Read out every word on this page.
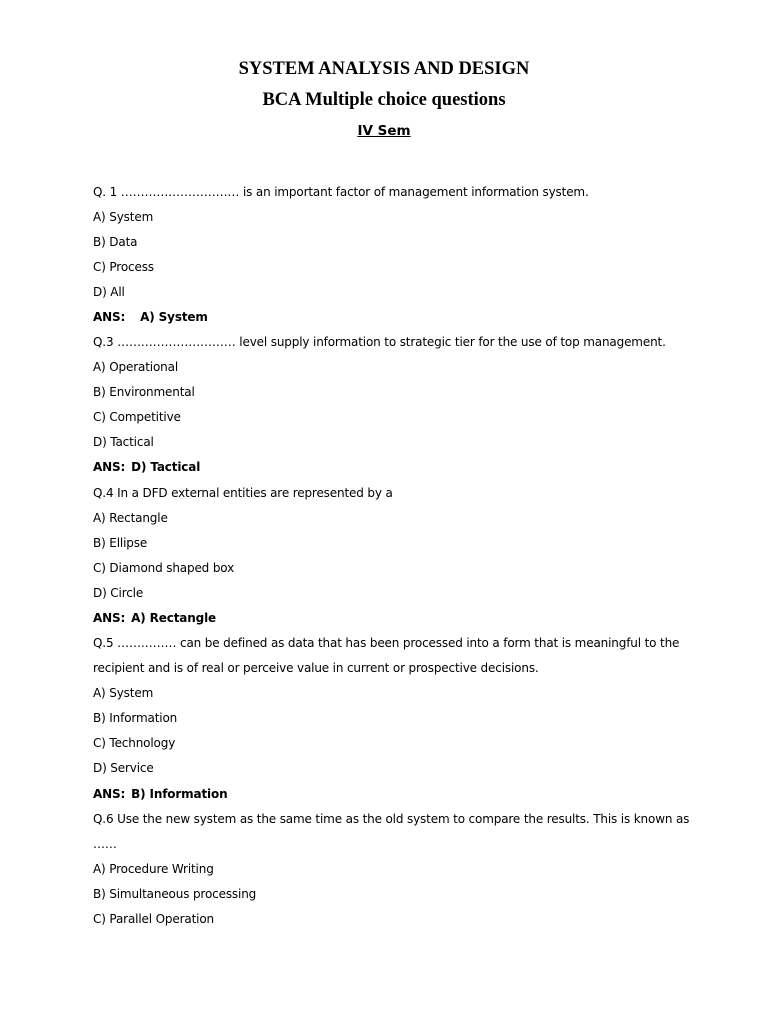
SYSTEM ANALYSIS AND DESIGN
BCA Multiple choice questions
IV Sem
Q. 1 ………………………… is an important factor of management information system.
A) System
B) Data
C) Process
D) All
ANS: A) System
Q.3 ………………………… level supply information to strategic tier for the use of top management.
A) Operational
B) Environmental
C) Competitive
D) Tactical
ANS: D) Tactical
Q.4 In a DFD external entities are represented by a
A) Rectangle
B) Ellipse
C) Diamond shaped box
D) Circle
ANS: A) Rectangle
Q.5 …………… can be defined as data that has been processed into a form that is meaningful to the
recipient and is of real or perceive value in current or prospective decisions.
A) System
B) Information
C) Technology
D) Service
ANS: B) Information
Q.6 Use the new system as the same time as the old system to compare the results. This is known as
……
A) Procedure Writing
B) Simultaneous processing
C) Parallel Operation
